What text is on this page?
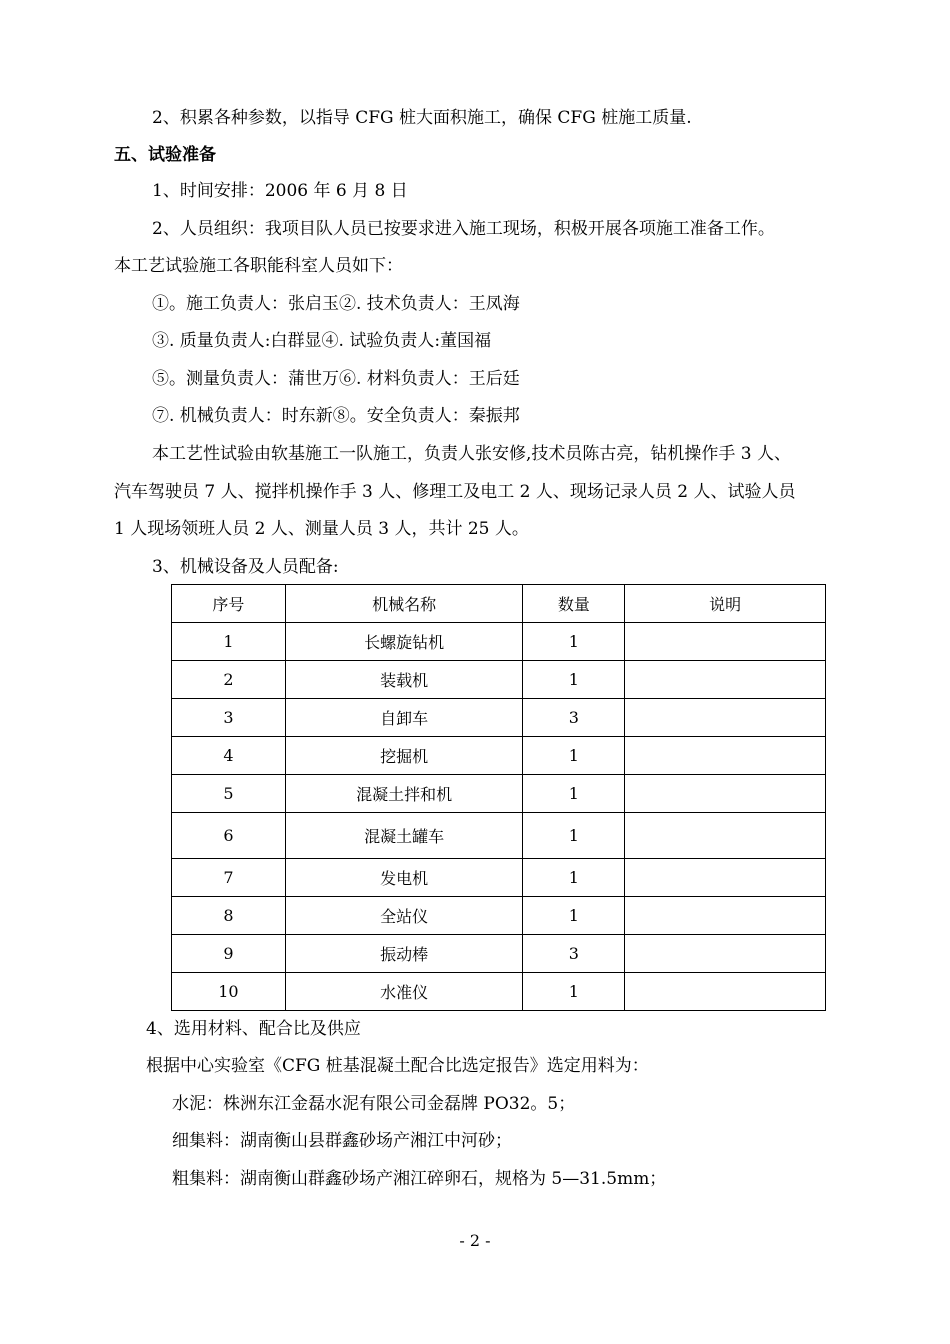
2、积累各种参数，以指导 CFG 桩大面积施工，确保 CFG 桩施工质量.
五、试验准备
1、时间安排：2006 年 6 月 8 日
2、人员组织：我项目队人员已按要求进入施工现场，积极开展各项施工准备工作。
本工艺试验施工各职能科室人员如下：
①。施工负责人：张启玉②. 技术负责人：王凤海
③. 质量负责人:白群显④. 试验负责人:董国福
⑤。测量负责人：蒲世万⑥. 材料负责人：王后廷
⑦. 机械负责人：时东新⑧。安全负责人：秦振邦
本工艺性试验由软基施工一队施工，负责人张安修,技术员陈古亮，钻机操作手 3 人、
汽车驾驶员 7 人、搅拌机操作手 3 人、修理工及电工 2 人、现场记录人员 2 人、试验人员
1 人现场领班人员 2 人、测量人员 3 人，共计 25 人。
3、机械设备及人员配备:
序号	机械名称	数量	说明
1	长螺旋钻机	1	
2	装载机	1	
3	自卸车	3	
4	挖掘机	1	
5	混凝土拌和机	1	
6	混凝土罐车	1	
7	发电机	1	
8	全站仪	1	
9	振动棒	3	
10	水准仪	1	
4、选用材料、配合比及供应
根据中心实验室《CFG 桩基混凝土配合比选定报告》选定用料为：
水泥：株洲东江金磊水泥有限公司金磊牌 PO32。5；
细集料：湖南衡山县群鑫砂场产湘江中河砂；
粗集料：湖南衡山群鑫砂场产湘江碎卵石，规格为 5—31.5mm；
- 2 -
